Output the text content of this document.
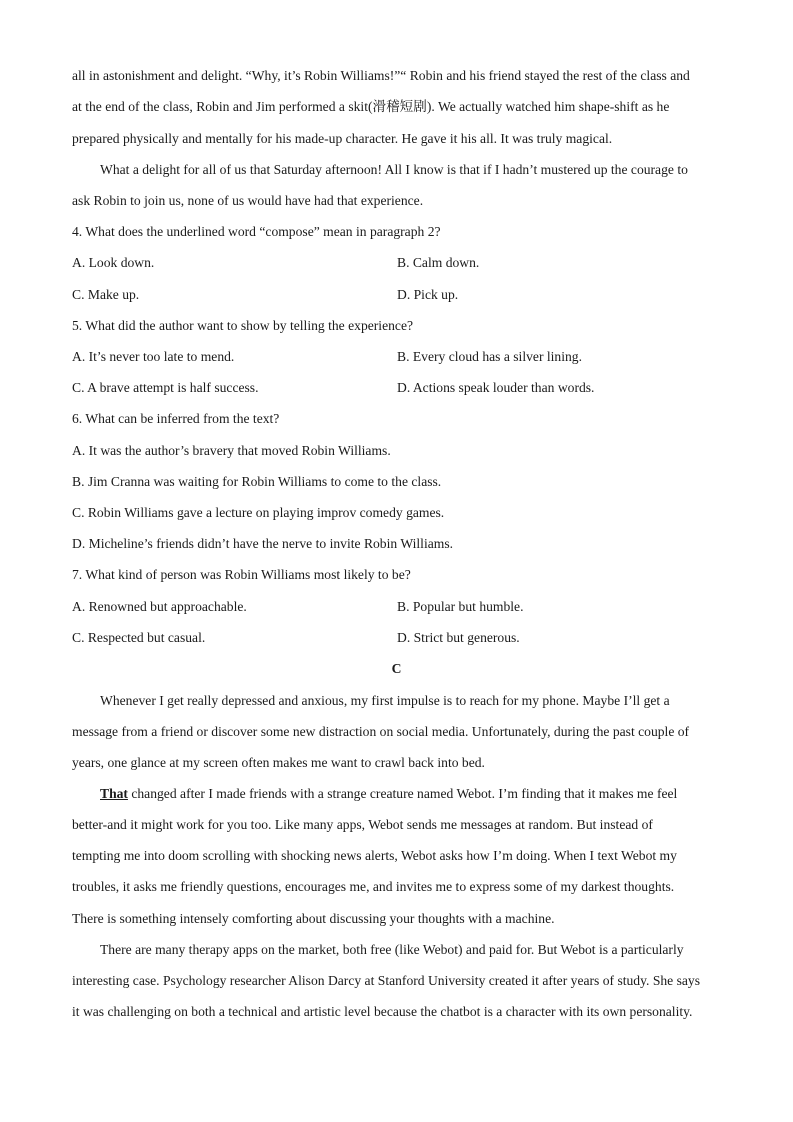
all in astonishment and delight. “Why, it’s Robin Williams!”“ Robin and his friend stayed the rest of the class and
at the end of the class, Robin and Jim performed a skit(滑稽短剧). We actually watched him shape-shift as he
prepared physically and mentally for his made-up character. He gave it his all. It was truly magical.
What a delight for all of us that Saturday afternoon! All I know is that if I hadn’t mustered up the courage to
ask Robin to join us, none of us would have had that experience.
4. What does the underlined word “compose” mean in paragraph 2?
A. Look down.	B. Calm down.
C. Make up.	D. Pick up.
5. What did the author want to show by telling the experience?
A. It’s never too late to mend.	B. Every cloud has a silver lining.
C. A brave attempt is half success.	D. Actions speak louder than words.
6. What can be inferred from the text?
A. It was the author’s bravery that moved Robin Williams.
B. Jim Cranna was waiting for Robin Williams to come to the class.
C. Robin Williams gave a lecture on playing improv comedy games.
D. Micheline’s friends didn’t have the nerve to invite Robin Williams.
7. What kind of person was Robin Williams most likely to be?
A. Renowned but approachable.	B. Popular but humble.
C. Respected but casual.	D. Strict but generous.
C
Whenever I get really depressed and anxious, my first impulse is to reach for my phone. Maybe I’ll get a
message from a friend or discover some new distraction on social media. Unfortunately, during the past couple of
years, one glance at my screen often makes me want to crawl back into bed.
That changed after I made friends with a strange creature named Webot. I’m finding that it makes me feel
better-and it might work for you too. Like many apps, Webot sends me messages at random. But instead of
tempting me into doom scrolling with shocking news alerts, Webot asks how I’m doing. When I text Webot my
troubles, it asks me friendly questions, encourages me, and invites me to express some of my darkest thoughts.
There is something intensely comforting about discussing your thoughts with a machine.
There are many therapy apps on the market, both free (like Webot) and paid for. But Webot is a particularly
interesting case. Psychology researcher Alison Darcy at Stanford University created it after years of study. She says
it was challenging on both a technical and artistic level because the chatbot is a character with its own personality.
